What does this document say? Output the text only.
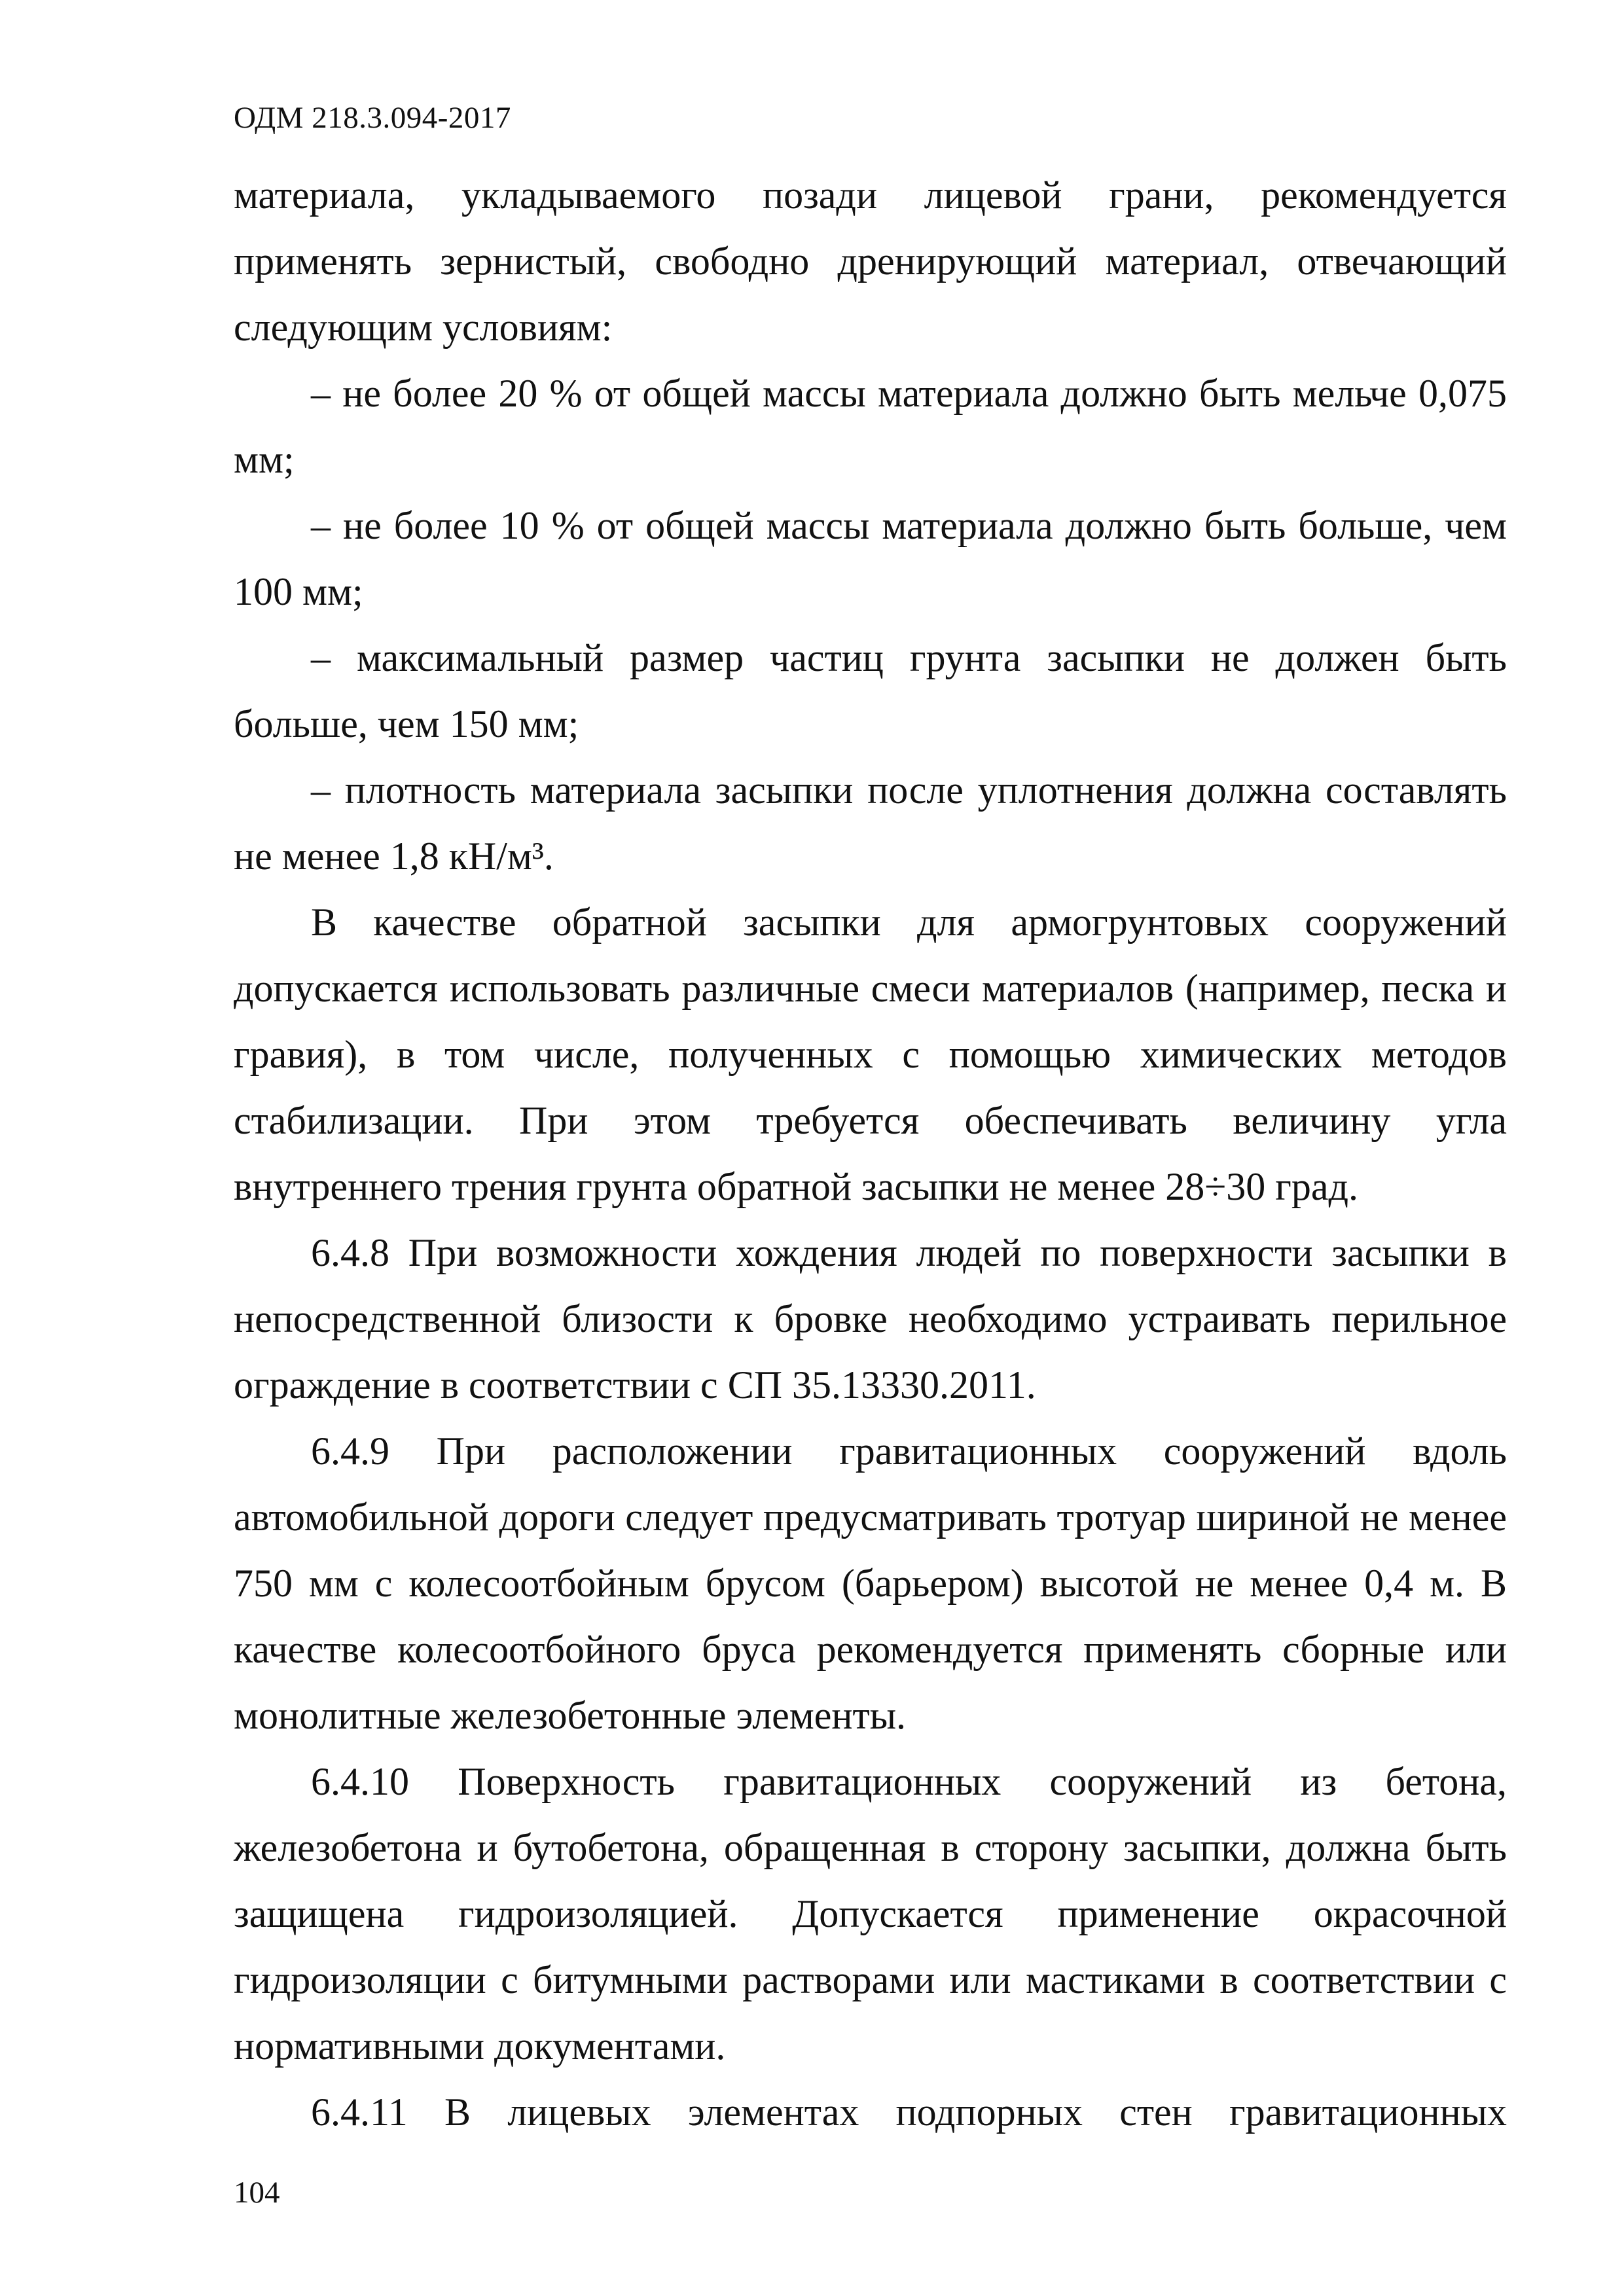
ОДМ 218.3.094-2017

материала, укладываемого позади лицевой грани, рекомендуется применять зернистый, свободно дренирующий материал, отвечающий следующим условиям:

– не более 20 % от общей массы материала должно быть мельче 0,075 мм;

– не более 10 % от общей массы материала должно быть больше, чем 100 мм;

– максимальный размер частиц грунта засыпки не должен быть больше, чем 150 мм;

– плотность материала засыпки после уплотнения должна составлять не менее 1,8 кН/м³.

В качестве обратной засыпки для армогрунтовых сооружений допускается использовать различные смеси материалов (например, песка и гравия), в том числе, полученных с помощью химических методов стабилизации. При этом требуется обеспечивать величину угла внутреннего трения грунта обратной засыпки не менее 28÷30 град.

6.4.8 При возможности хождения людей по поверхности засыпки в непосредственной близости к бровке необходимо устраивать перильное ограждение в соответствии с СП 35.13330.2011.

6.4.9 При расположении гравитационных сооружений вдоль автомобильной дороги следует предусматривать тротуар шириной не менее 750 мм с колесоотбойным брусом (барьером) высотой не менее 0,4 м. В качестве колесоотбойного бруса рекомендуется применять сборные или монолитные железобетонные элементы.

6.4.10 Поверхность гравитационных сооружений из бетона, железобетона и бутобетона, обращенная в сторону засыпки, должна быть защищена гидроизоляцией. Допускается применение окрасочной гидроизоляции с битумными растворами или мастиками в соответствии с нормативными документами.

6.4.11 В лицевых элементах подпорных стен гравитационных

104
